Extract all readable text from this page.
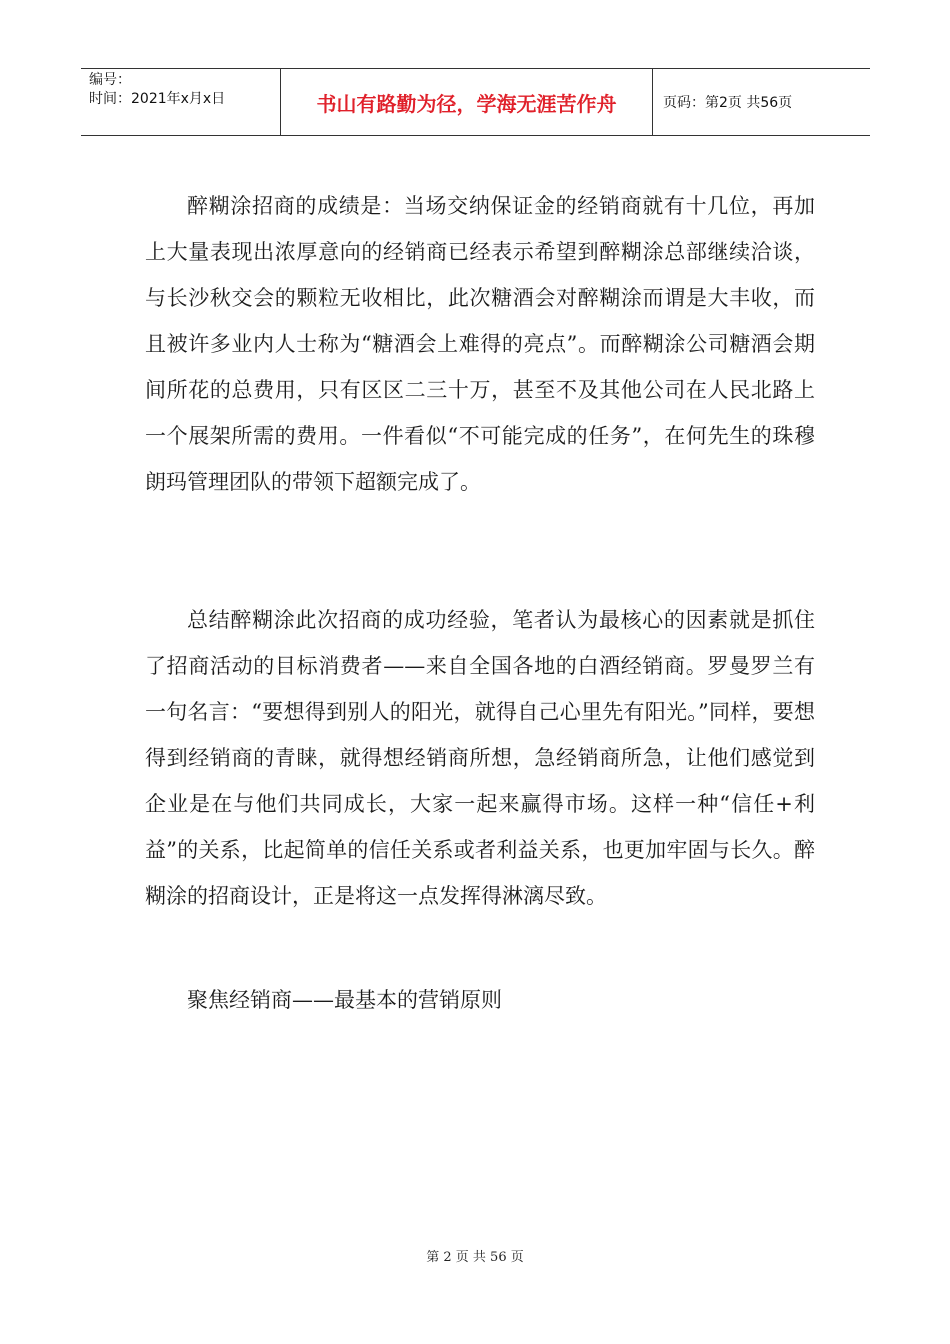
编号：
时间：2021年x月x日	书山有路勤为径，学海无涯苦作舟	页码：第2页 共56页

醉糊涂招商的成绩是：当场交纳保证金的经销商就有十几位，再加上大量表现出浓厚意向的经销商已经表示希望到醉糊涂总部继续洽谈，与长沙秋交会的颗粒无收相比，此次糖酒会对醉糊涂而谓是大丰收，而且被许多业内人士称为“糖酒会上难得的亮点”。而醉糊涂公司糖酒会期间所花的总费用，只有区区二三十万，甚至不及其他公司在人民北路上一个展架所需的费用。一件看似“不可能完成的任务”，在何先生的珠穆朗玛管理团队的带领下超额完成了。

总结醉糊涂此次招商的成功经验，笔者认为最核心的因素就是抓住了招商活动的目标消费者——来自全国各地的白酒经销商。罗曼罗兰有一句名言：“要想得到别人的阳光，就得自己心里先有阳光。”同样，要想得到经销商的青睐，就得想经销商所想，急经销商所急，让他们感觉到企业是在与他们共同成长，大家一起来赢得市场。这样一种“信任+利益”的关系，比起简单的信任关系或者利益关系，也更加牢固与长久。醉糊涂的招商设计，正是将这一点发挥得淋漓尽致。

聚焦经销商——最基本的营销原则

第 2 页 共 56 页
